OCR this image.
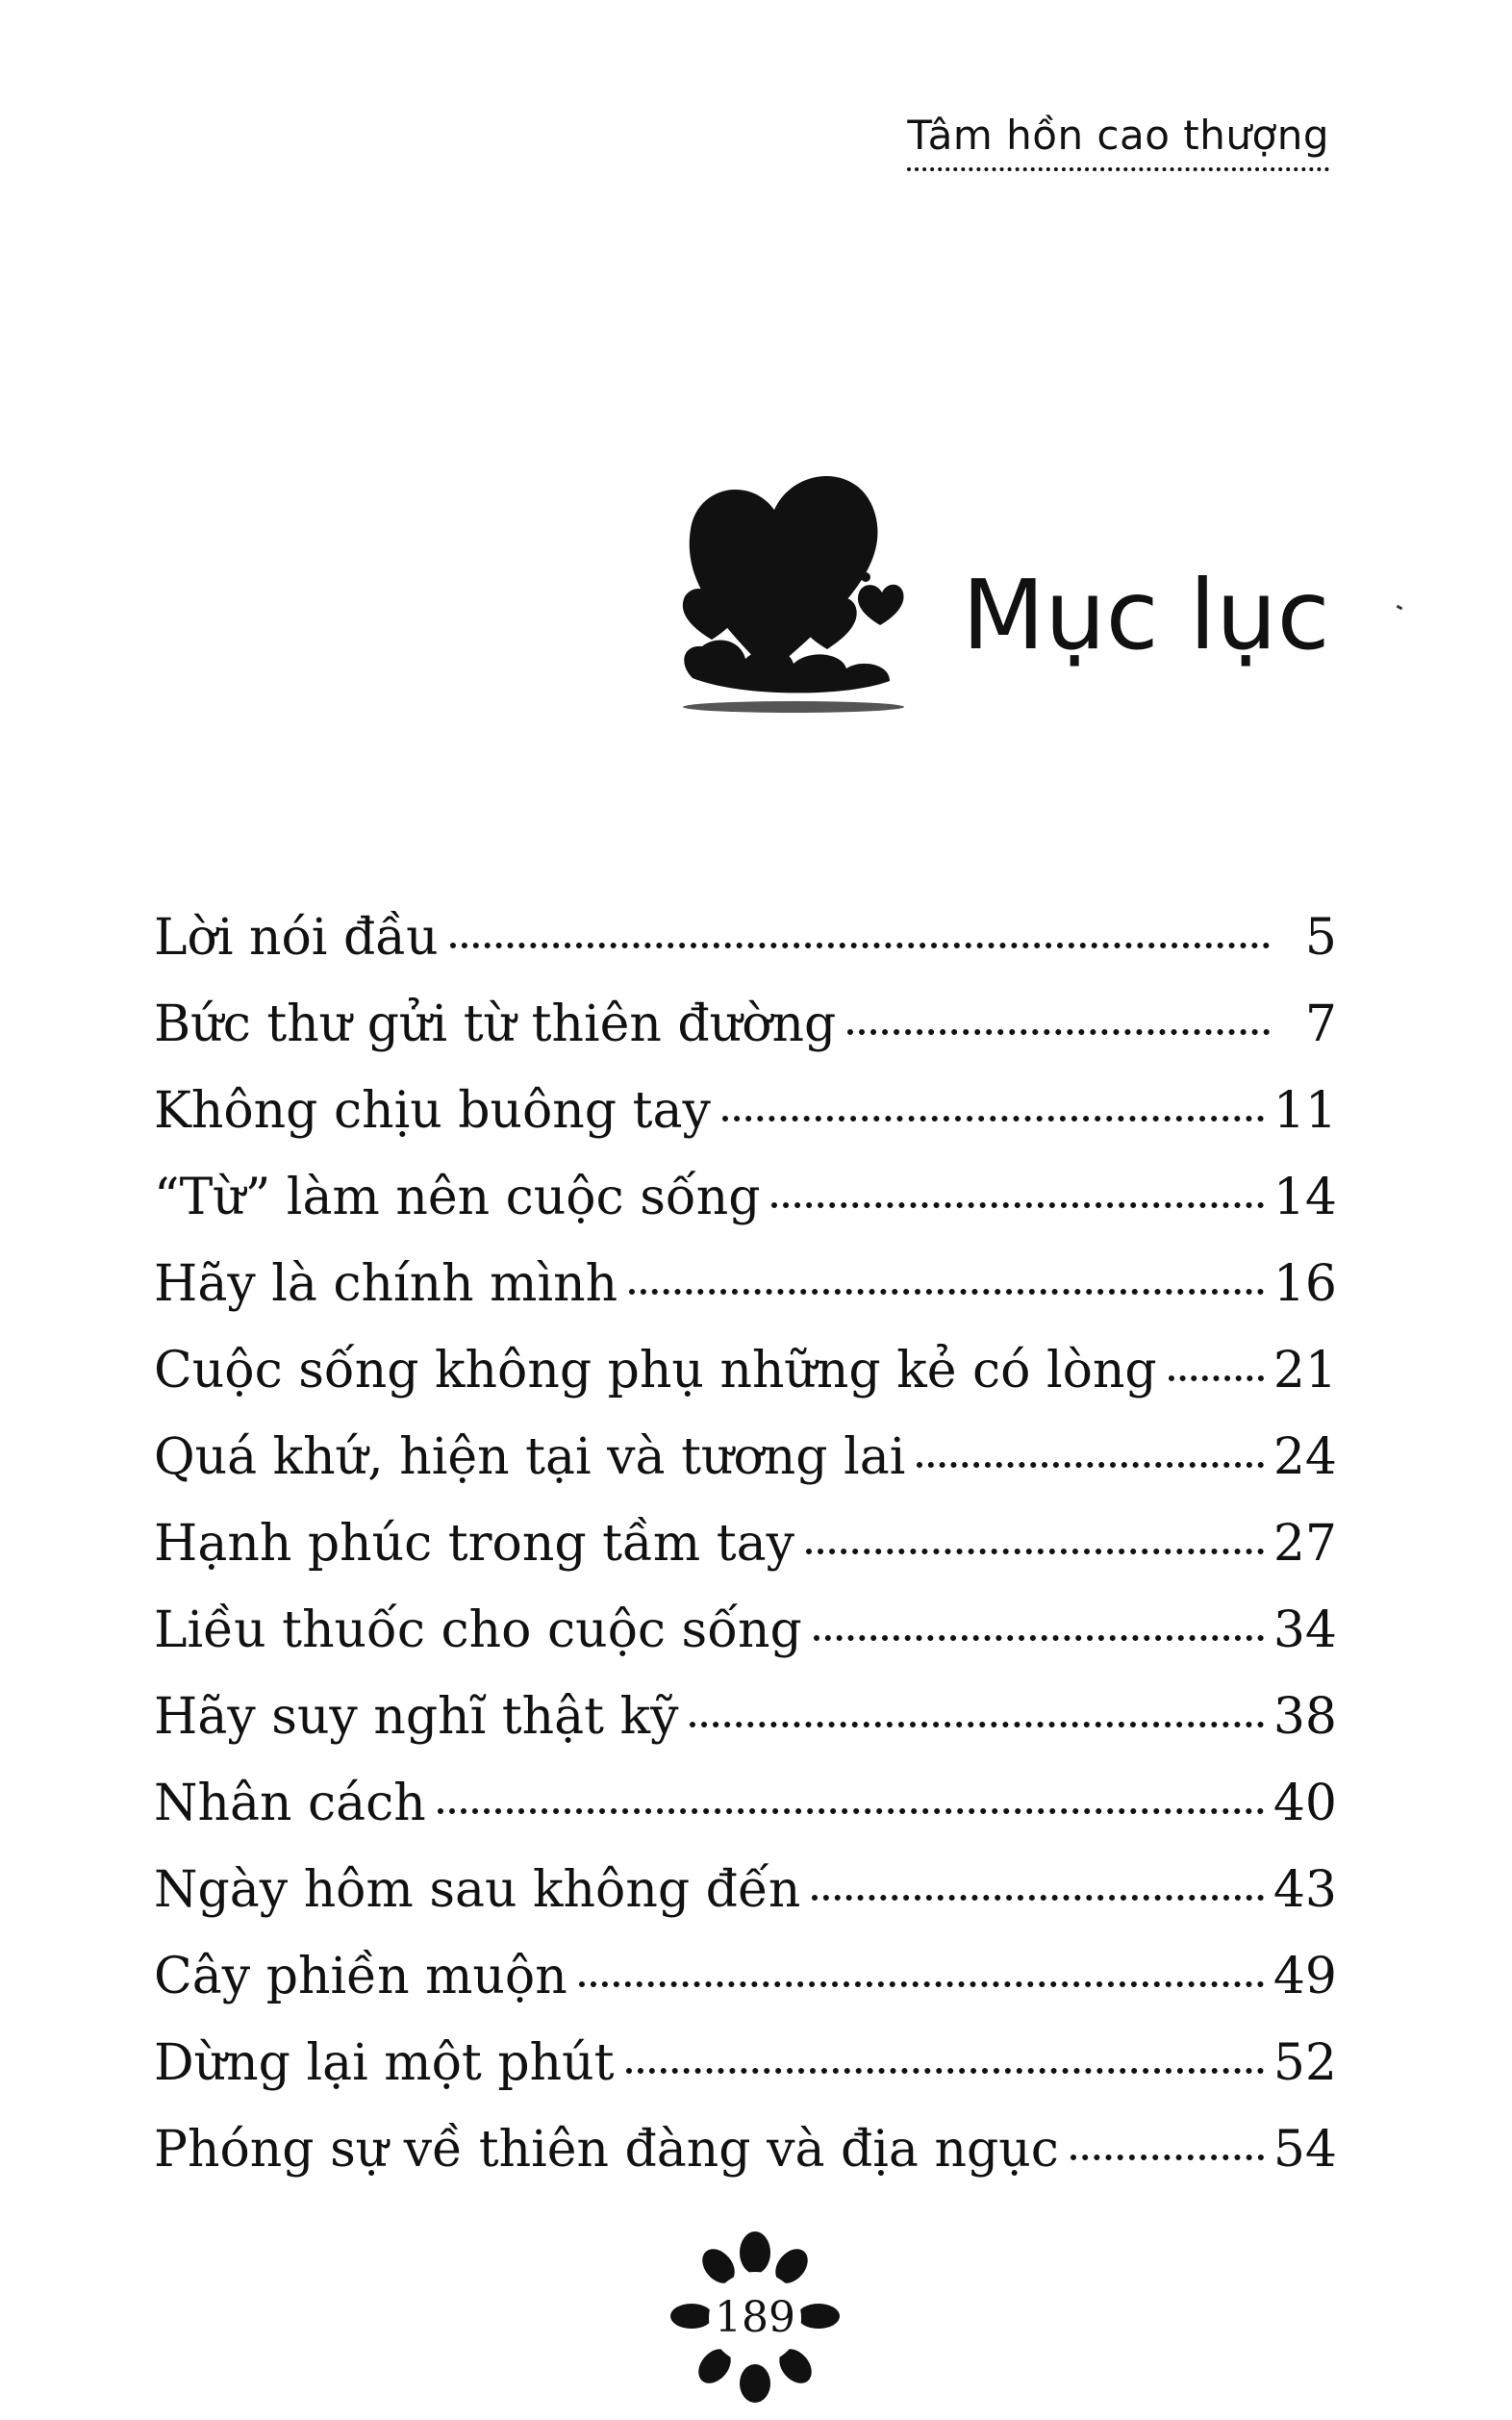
Tâm hồn cao thượng
Mục lục
Lời nói đầu	5
Bức thư gửi từ thiên đường	7
Không chịu buông tay	11
“Từ” làm nên cuộc sống	14
Hãy là chính mình	16
Cuộc sống không phụ những kẻ có lòng 21
Quá khứ, hiện tại và tương lai	24
Hạnh phúc trong tầm tay	27
Liều thuốc cho cuộc sống	34
Hãy suy nghĩ thật kỹ	38
Nhân cách	40
Ngày hôm sau không đến	43
Cây phiền muộn	49
Dừng lại một phút	52
Phóng sự về thiên đàng và địa ngục	54
189
